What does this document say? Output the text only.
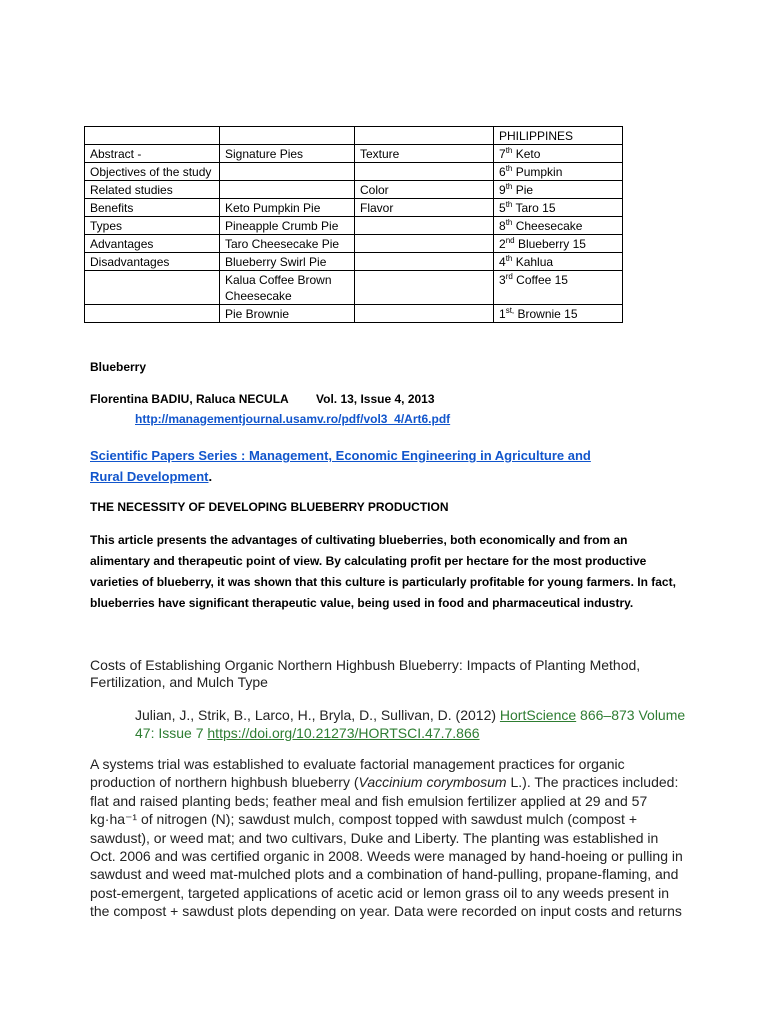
			PHILIPPINES
Abstract -	Signature Pies	Texture	7th Keto
Objectives of the study			6th Pumpkin
Related studies		Color	9th Pie
Benefits	Keto Pumpkin Pie	Flavor	5th Taro 15
Types	Pineapple Crumb Pie		8th Cheesecake
Advantages	Taro Cheesecake Pie		2nd Blueberry 15
Disadvantages	Blueberry Swirl Pie		4th Kahlua
	Kalua Coffee Brown Cheesecake		3rd Coffee 15
	Pie Brownie		$1^{st,}$ Brownie 15
Blueberry
Florentina BADIU, Raluca NECULA Vol. 13, Issue 4, 2013
http://managementjournal.usamv.ro/pdf/vol3_4/Art6.pdf
Scientific Papers Series : Management, Economic Engineering in Agriculture and
Rural Development.
THE NECESSITY OF DEVELOPING BLUEBERRY PRODUCTION
This article presents the advantages of cultivating blueberries, both economically and from an
alimentary and therapeutic point of view. By calculating profit per hectare for the most productive
varieties of blueberry, it was shown that this culture is particularly profitable for young farmers. In fact,
blueberries have significant therapeutic value, being used in food and pharmaceutical industry.
Costs of Establishing Organic Northern Highbush Blueberry: Impacts of Planting Method,
Fertilization, and Mulch Type
Julian, J., Strik, B., Larco, H., Bryla, D., Sullivan, D. (2012) HortScience 866–873 Volume
47: Issue 7 https://doi.org/10.21273/HORTSCI.47.7.866
A systems trial was established to evaluate factorial management practices for organic
production of northern highbush blueberry (Vaccinium corymbosum L.). The practices included:
flat and raised planting beds; feather meal and fish emulsion fertilizer applied at 29 and 57
kg·ha⁻¹ of nitrogen (N); sawdust mulch, compost topped with sawdust mulch (compost +
sawdust), or weed mat; and two cultivars, Duke and Liberty. The planting was established in
Oct. 2006 and was certified organic in 2008. Weeds were managed by hand-hoeing or pulling in
sawdust and weed mat-mulched plots and a combination of hand-pulling, propane-flaming, and
post-emergent, targeted applications of acetic acid or lemon grass oil to any weeds present in
the compost + sawdust plots depending on year. Data were recorded on input costs and returns
